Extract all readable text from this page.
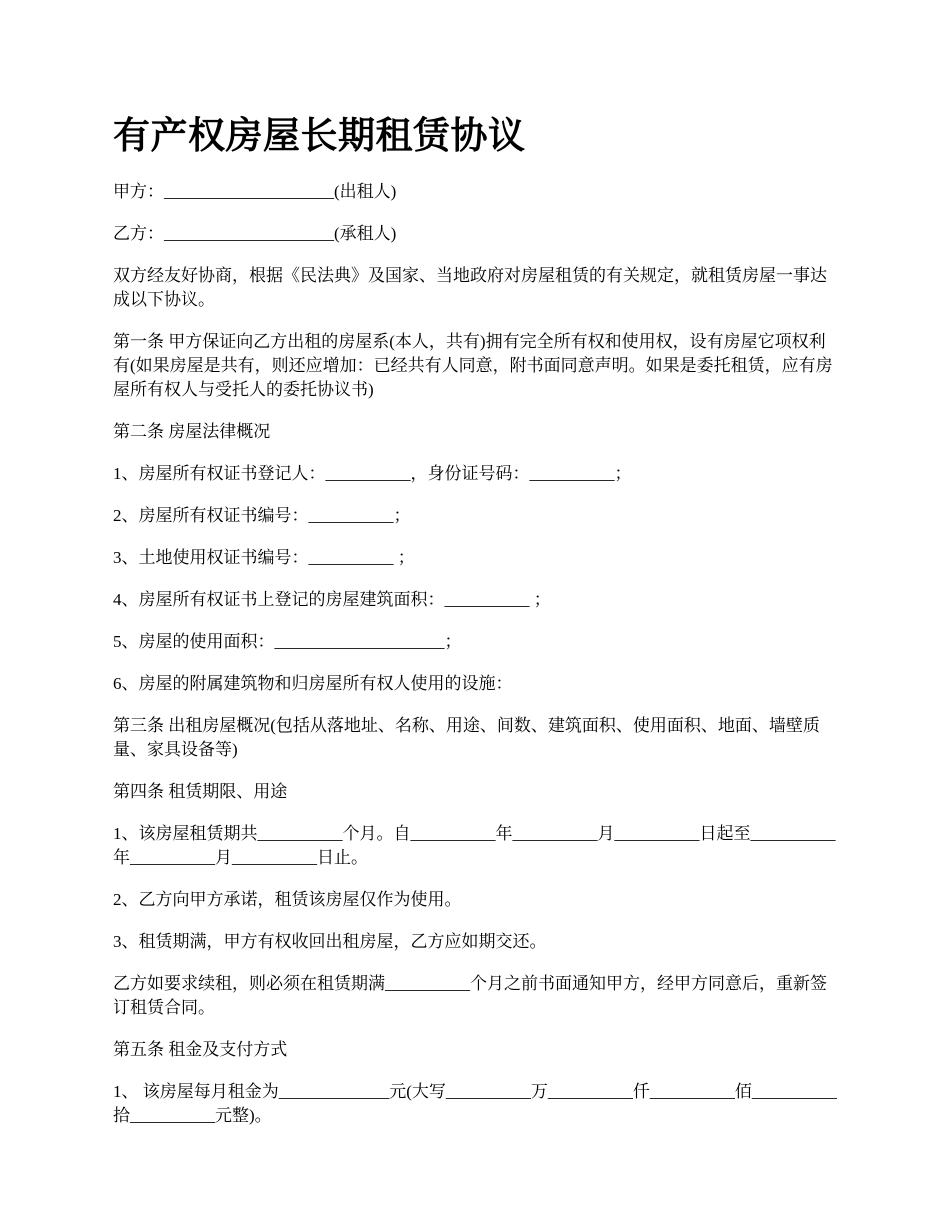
有产权房屋长期租赁协议

甲方：____________________(出租人)

乙方：____________________(承租人)

双方经友好协商，根据《民法典》及国家、当地政府对房屋租赁的有关规定，就租赁房屋一事达成以下协议。

第一条 甲方保证向乙方出租的房屋系(本人，共有)拥有完全所有权和使用权，设有房屋它项权利有(如果房屋是共有，则还应增加：已经共有人同意，附书面同意声明。如果是委托租赁，应有房屋所有权人与受托人的委托协议书)

第二条 房屋法律概况

1、房屋所有权证书登记人：__________，身份证号码：__________；

2、房屋所有权证书编号：__________；

3、土地使用权证书编号：__________ ；

4、房屋所有权证书上登记的房屋建筑面积：__________ ；

5、房屋的使用面积：____________________；

6、房屋的附属建筑物和归房屋所有权人使用的设施：

第三条 出租房屋概况(包括从落地址、名称、用途、间数、建筑面积、使用面积、地面、墙壁质量、家具设备等)

第四条 租赁期限、用途

1、该房屋租赁期共__________个月。自__________年__________月__________日起至__________ 年__________月__________日止。

2、乙方向甲方承诺，租赁该房屋仅作为使用。

3、租赁期满，甲方有权收回出租房屋，乙方应如期交还。

乙方如要求续租，则必须在租赁期满__________个月之前书面通知甲方，经甲方同意后，重新签订租赁合同。

第五条 租金及支付方式

1、 该房屋每月租金为_____________元(大写__________万__________仟__________佰__________拾__________元整)。
